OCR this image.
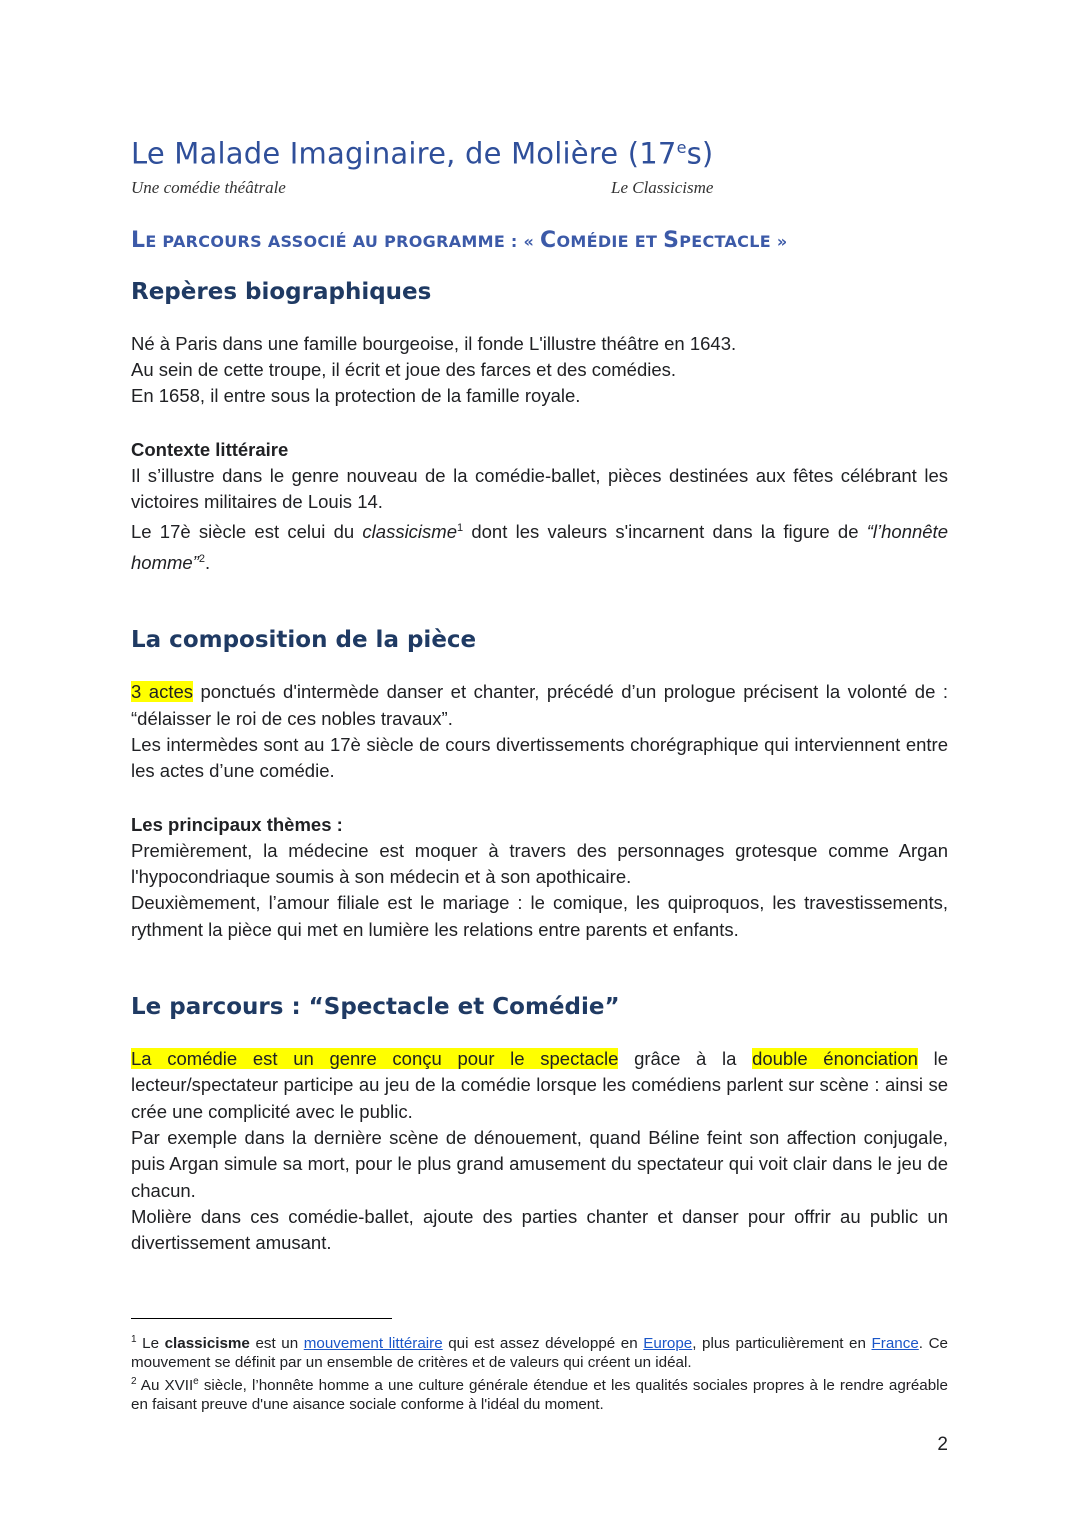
Le Malade Imaginaire, de Molière (17es)
Une comédie théâtrale	Le Classicisme
LE PARCOURS ASSOCIÉ AU PROGRAMME : « COMÉDIE ET SPECTACLE »
Repères biographiques

Né à Paris dans une famille bourgeoise, il fonde L'illustre théâtre en 1643.

Au sein de cette troupe, il écrit et joue des farces et des comédies.

En 1658, il entre sous la protection de la famille royale.

Contexte littéraire

Il s’illustre dans le genre nouveau de la comédie-ballet, pièces destinées aux fêtes célébrant les victoires militaires de Louis 14.

Le 17è siècle est celui du classicisme$^1$ dont les valeurs s'incarnent dans la figure de “l’honnête homme”$^2$.

La composition de la pièce

3 actes ponctués d'intermède danser et chanter, précédé d’un prologue précisent la volonté de : “délaisser le roi de ces nobles travaux”.

Les intermèdes sont au 17è siècle de cours divertissements chorégraphique qui interviennent entre les actes d’une comédie.

Les principaux thèmes :

Premièrement, la médecine est moquer à travers des personnages grotesque comme Argan l'hypocondriaque soumis à son médecin et à son apothicaire.

Deuxièmement, l’amour filiale est le mariage : le comique, les quiproquos, les travestissements, rythment la pièce qui met en lumière les relations entre parents et enfants.

Le parcours : “Spectacle et Comédie”

La comédie est un genre conçu pour le spectacle grâce à la double énonciation le lecteur/spectateur participe au jeu de la comédie lorsque les comédiens parlent sur scène : ainsi se crée une complicité avec le public.

Par exemple dans la dernière scène de dénouement, quand Béline feint son affection conjugale, puis Argan simule sa mort, pour le plus grand amusement du spectateur qui voit clair dans le jeu de chacun.

Molière dans ces comédie-ballet, ajoute des parties chanter et danser pour offrir au public un divertissement amusant.

$^1$ Le classicisme est un mouvement littéraire qui est assez développé en Europe, plus particulièrement en France. Ce mouvement se définit par un ensemble de critères et de valeurs qui créent un idéal.

$^2$ Au XVIIe siècle, l’honnête homme a une culture générale étendue et les qualités sociales propres à le rendre agréable en faisant preuve d'une aisance sociale conforme à l'idéal du moment.

2
